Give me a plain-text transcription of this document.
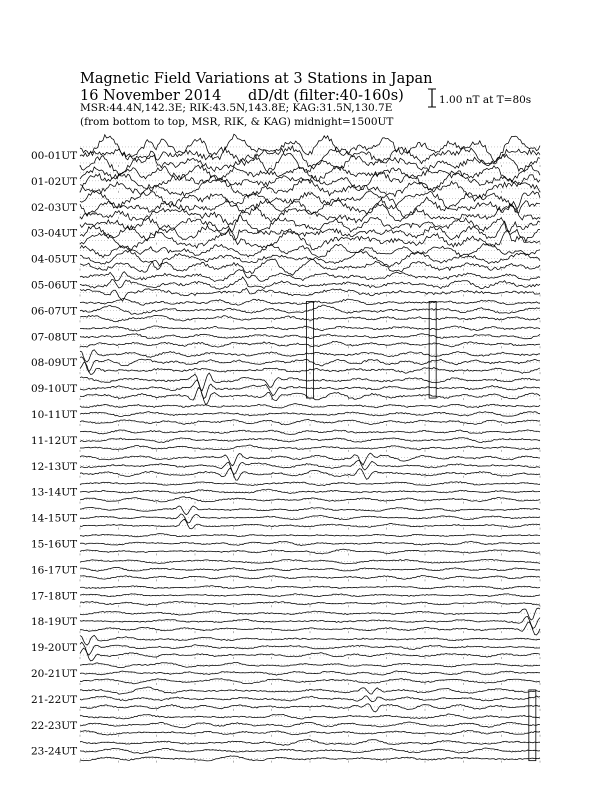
Magnetic Field Variations at 3 Stations in Japan
16 November 2014 dD/dt (filter:40-160s)
MSR:44.4N,142.3E; RIK:43.5N,143.8E; KAG:31.5N,130.7E
(from bottom to top, MSR, RIK, & KAG) midnight=1500UT
1.00 nT at T=80s
00-01UT
01-02UT
02-03UT
03-04UT
04-05UT
05-06UT
06-07UT
07-08UT
08-09UT
09-10UT
10-11UT
11-12UT
12-13UT
13-14UT
14-15UT
15-16UT
16-17UT
17-18UT
18-19UT
19-20UT
20-21UT
21-22UT
22-23UT
23-24UT
